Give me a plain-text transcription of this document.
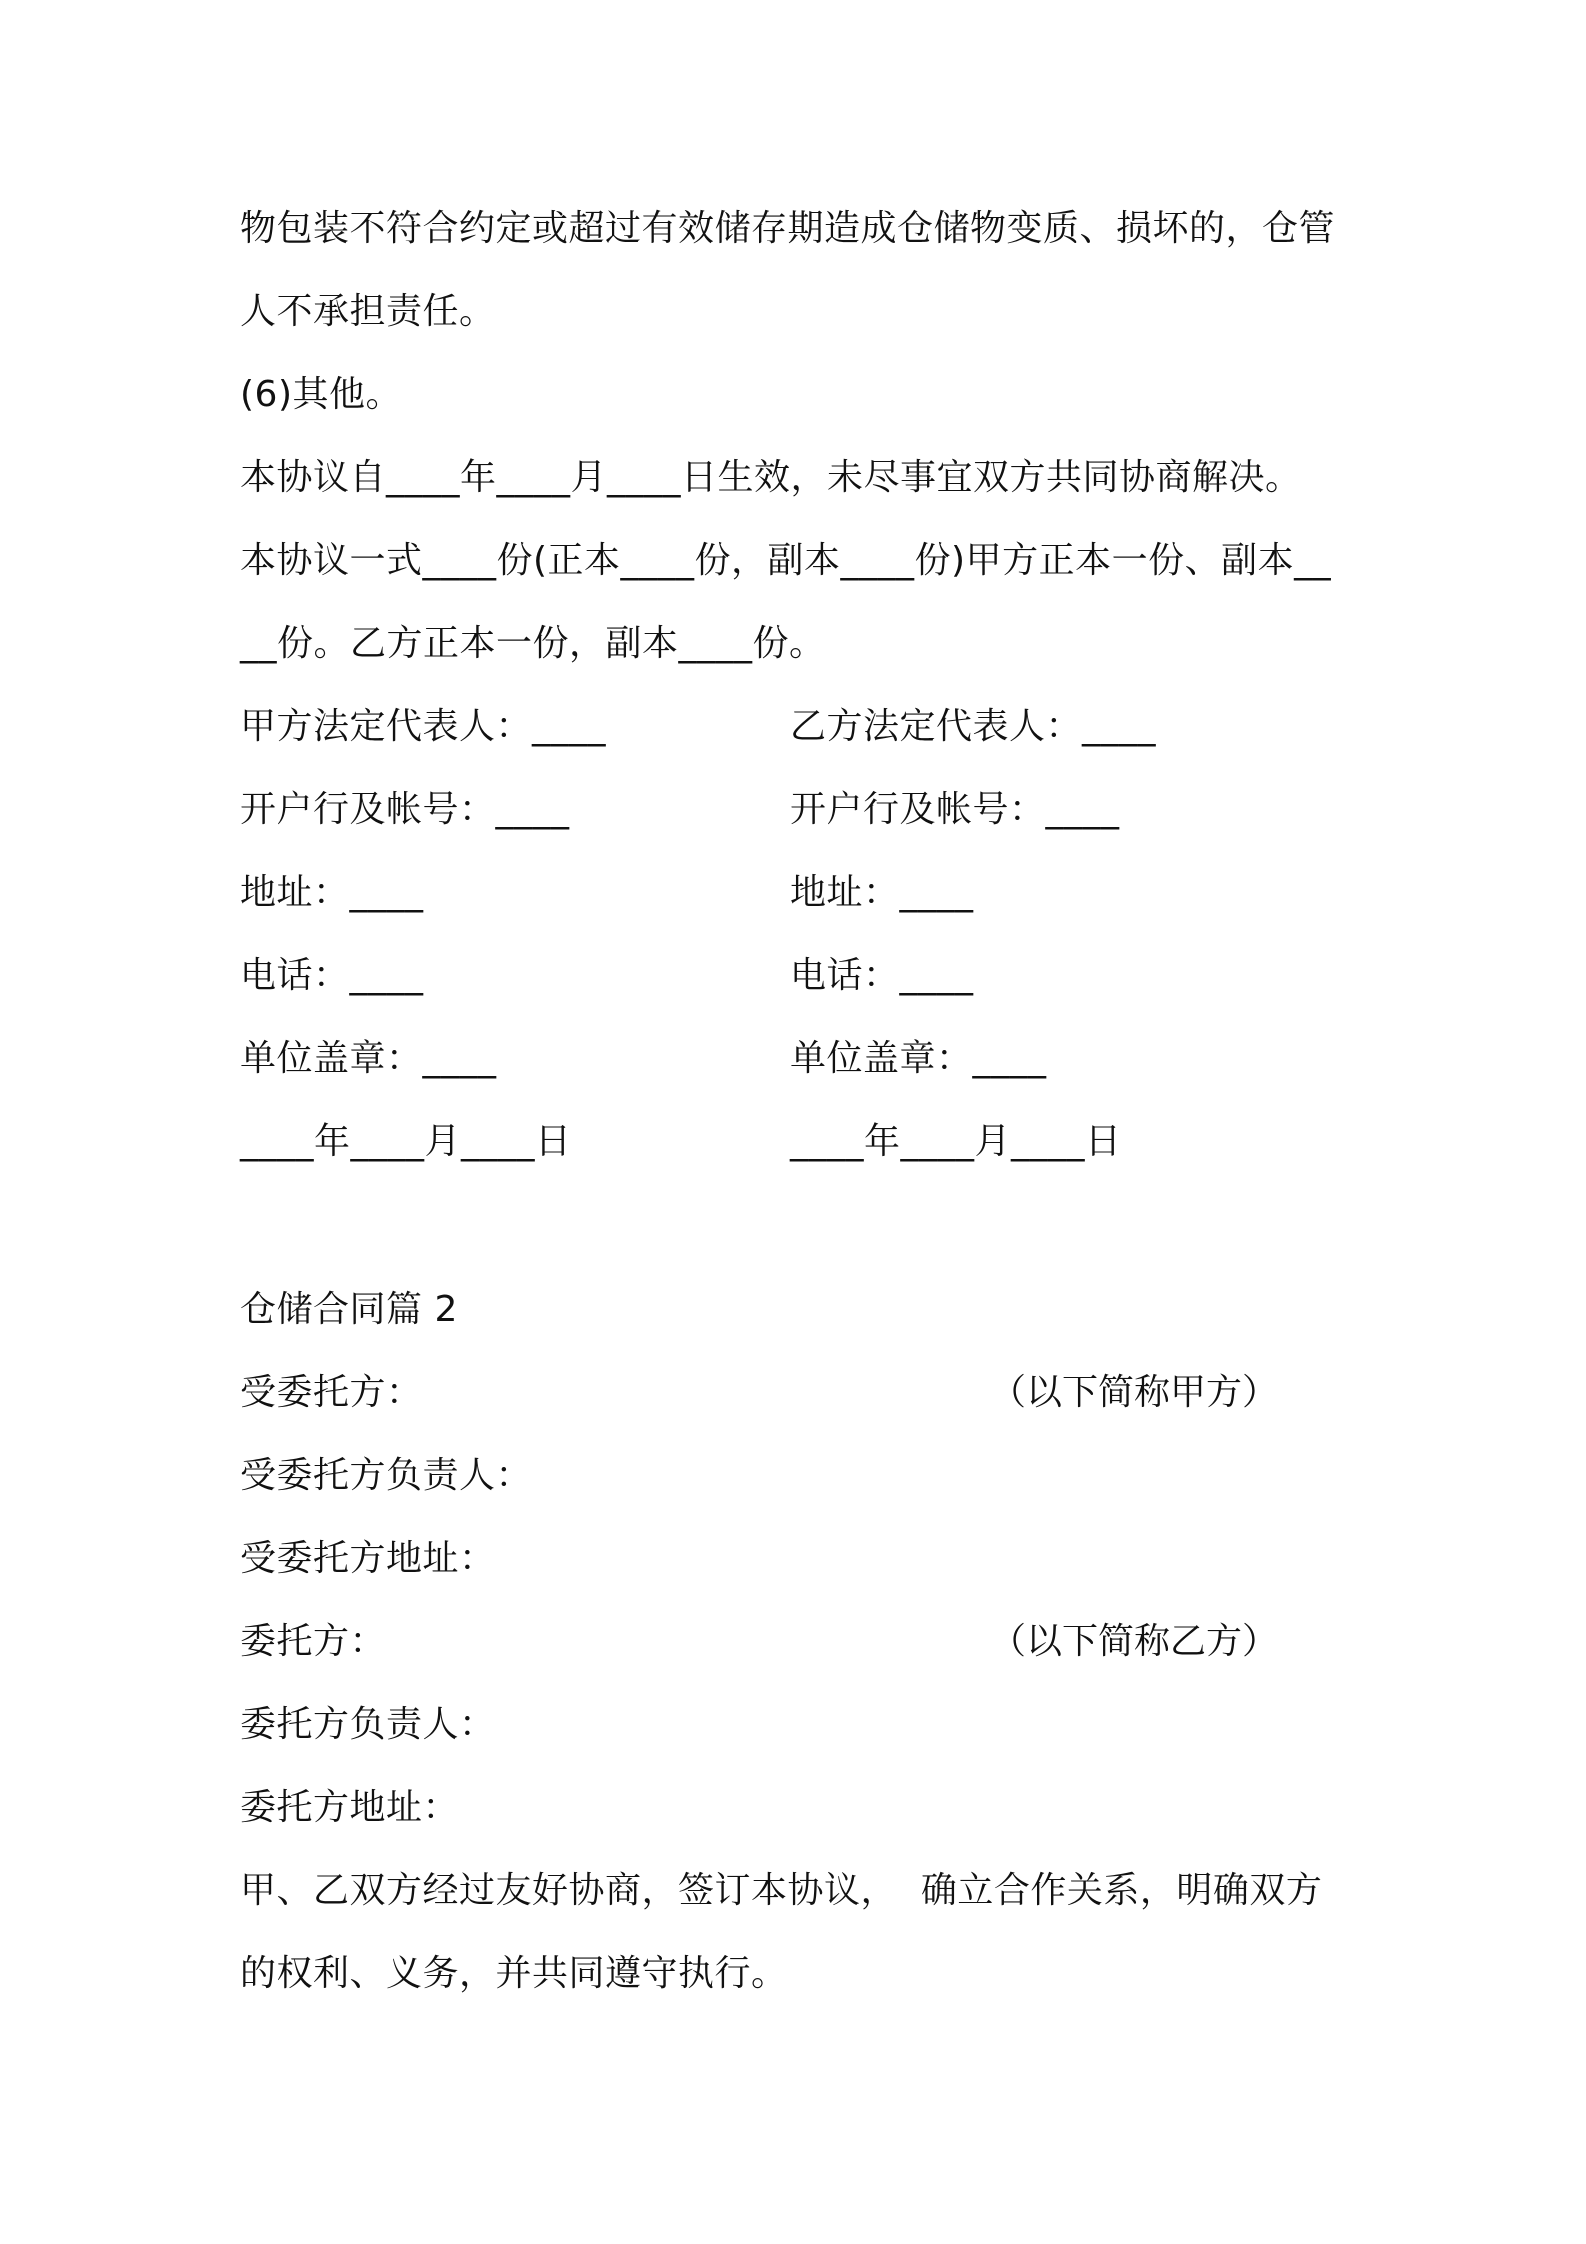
物包装不符合约定或超过有效储存期造成仓储物变质、损坏的，仓管
人不承担责任。
(6)其他。
本协议自____年____月____日生效，未尽事宜双方共同协商解决。
本协议一式____份(正本____份，副本____份)甲方正本一份、副本__
__份。乙方正本一份，副本____份。
甲方法定代表人：____
开户行及帐号：____
地址：____
电话：____
单位盖章：____
____年____月____日
乙方法定代表人：____
开户行及帐号：____
地址：____
电话：____
单位盖章：____
____年____月____日
仓储合同篇 2
受委托方：	（以下简称甲方）
受委托方负责人：
受委托方地址：
委托方：	（以下简称乙方）
委托方负责人：
委托方地址：
甲、乙双方经过友好协商，签订本协议，  确立合作关系，明确双方
的权利、义务，并共同遵守执行。
